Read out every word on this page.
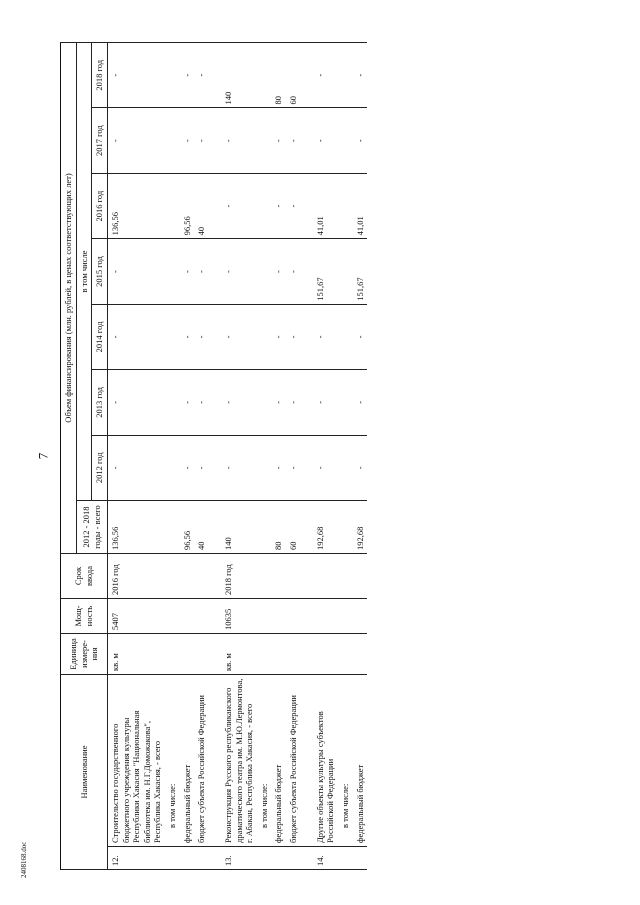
7
Наименование		Единица измере-ния	Мощ-ность	Срок ввода	Объем финансирования (млн. рублей, в ценах соответствующих лет)							
					2012 - 2018 годы - всего	в том числе						
						2012 год	2013 год	2014 год	2015 год	2016 год	2017 год	2018 год
12.	Строительство государственного бюджетного учреждения культуры Республики Хакасия "Национальная библиотека им. Н.Г.Доможакова", Республика Хакасия, - всего	кв. м	5407	2016 год	136,56	-	-	-	-	136,56	-	-
	в том числе:											
	федеральный бюджет				96,56	-	-	-	-	96,56	-	-
	бюджет субъекта Российской Федерации				40	-	-	-	-	40	-	-

13.	Реконструкция Русского республиканского драматического театра им. М.Ю.Лермонтова, г. Абакан, Республика Хакасия, - всего	кв. м	10635	2018 год	140	-	-	-	-	-	-	140
	в том числе:											
	федеральный бюджет				80	-	-	-	-	-	-	80
	бюджет субъекта Российской Федерации				60	-	-	-	-	-	-	60

14.	Другие объекты культуры субъектов Российской Федерации				192,68	-	-	-	151,67	41,01	-	-
	в том числе:											
	федеральный бюджет				192,68	-	-	-	151,67	41,01	-	-
2408168.doc
